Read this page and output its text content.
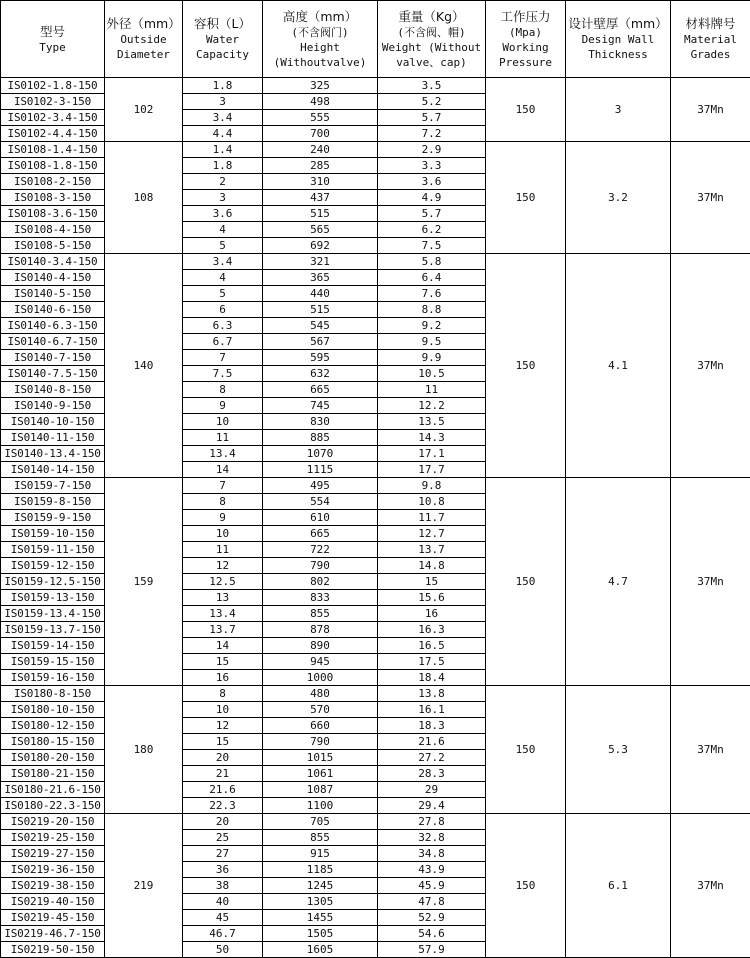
型号
Type	外径（mm）
Outside
Diameter	容积（L）
Water
Capacity	高度（mm）
(不含阀门)
Height
(Withoutvalve)	重量（Kg）
(不含阀、帽)
Weight (Without
valve、cap)	工作压力
(Mpa)
Working
Pressure	设计壁厚（mm）
Design Wall
Thickness	材料牌号
Material
Grades

IS0102-1.8-150	102	1.8	325	3.5	150	3	37Mn
IS0102-3-150		3	498	5.2			
IS0102-3.4-150		3.4	555	5.7			
IS0102-4.4-150		4.4	700	7.2			
IS0108-1.4-150	108	1.4	240	2.9	150	3.2	37Mn
IS0108-1.8-150		1.8	285	3.3			
IS0108-2-150		2	310	3.6			
IS0108-3-150		3	437	4.9			
IS0108-3.6-150		3.6	515	5.7			
IS0108-4-150		4	565	6.2			
IS0108-5-150		5	692	7.5			
IS0140-3.4-150	140	3.4	321	5.8	150	4.1	37Mn
IS0140-4-150		4	365	6.4			
IS0140-5-150		5	440	7.6			
IS0140-6-150		6	515	8.8			
IS0140-6.3-150		6.3	545	9.2			
IS0140-6.7-150		6.7	567	9.5			
IS0140-7-150		7	595	9.9			
IS0140-7.5-150		7.5	632	10.5			
IS0140-8-150		8	665	11			
IS0140-9-150		9	745	12.2			
IS0140-10-150		10	830	13.5			
IS0140-11-150		11	885	14.3			
IS0140-13.4-150		13.4	1070	17.1			
IS0140-14-150		14	1115	17.7			
IS0159-7-150	159	7	495	9.8	150	4.7	37Mn
IS0159-8-150		8	554	10.8			
IS0159-9-150		9	610	11.7			
IS0159-10-150		10	665	12.7			
IS0159-11-150		11	722	13.7			
IS0159-12-150		12	790	14.8			
IS0159-12.5-150		12.5	802	15			
IS0159-13-150		13	833	15.6			
IS0159-13.4-150		13.4	855	16			
IS0159-13.7-150		13.7	878	16.3			
IS0159-14-150		14	890	16.5			
IS0159-15-150		15	945	17.5			
IS0159-16-150		16	1000	18.4			
IS0180-8-150	180	8	480	13.8	150	5.3	37Mn
IS0180-10-150		10	570	16.1			
IS0180-12-150		12	660	18.3			
IS0180-15-150		15	790	21.6			
IS0180-20-150		20	1015	27.2			
IS0180-21-150		21	1061	28.3			
IS0180-21.6-150		21.6	1087	29			
IS0180-22.3-150		22.3	1100	29.4			
IS0219-20-150	219	20	705	27.8	150	6.1	37Mn
IS0219-25-150		25	855	32.8			
IS0219-27-150		27	915	34.8			
IS0219-36-150		36	1185	43.9			
IS0219-38-150		38	1245	45.9			
IS0219-40-150		40	1305	47.8			
IS0219-45-150		45	1455	52.9			
IS0219-46.7-150		46.7	1505	54.6			
IS0219-50-150		50	1605	57.9			
